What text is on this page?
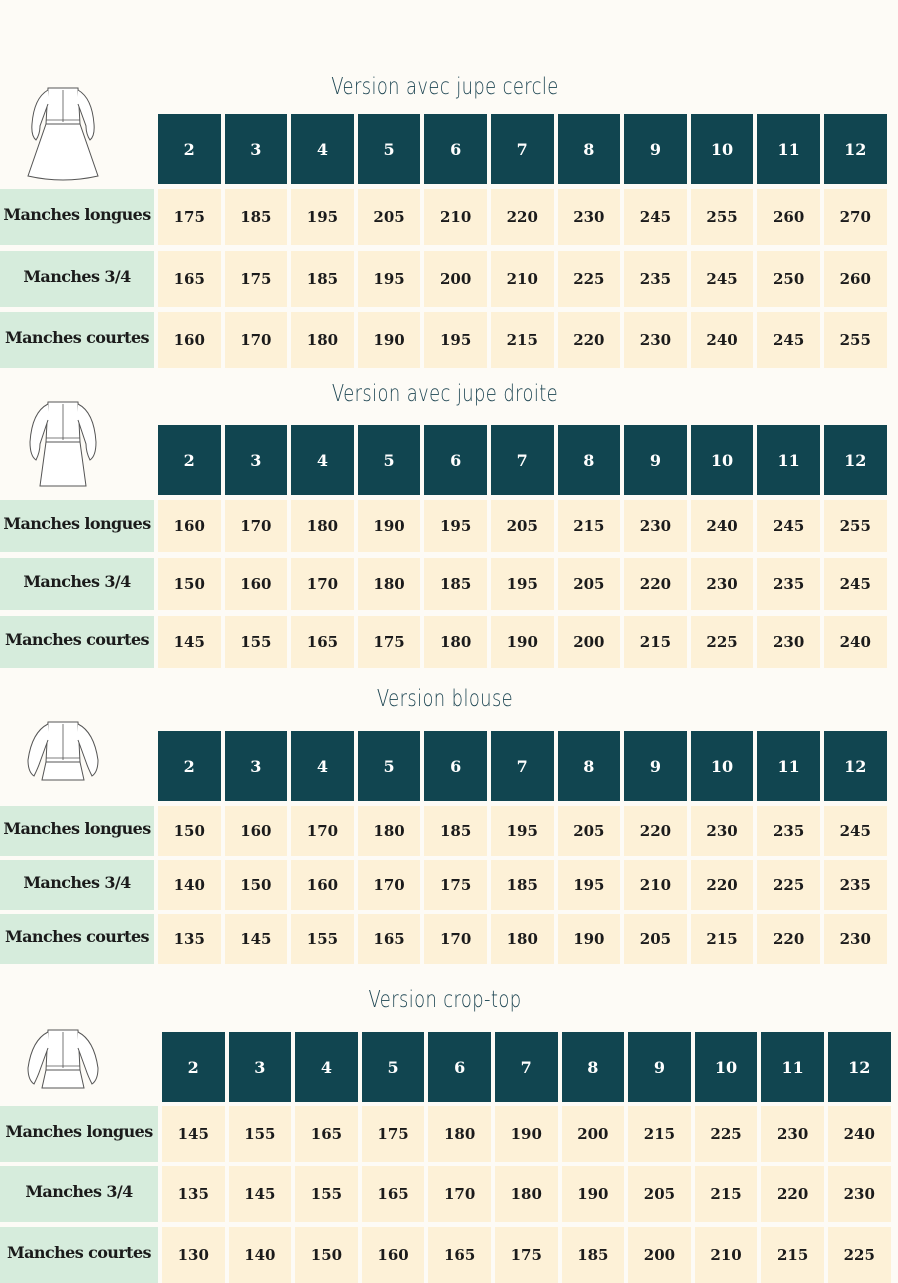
Version avec jupe cercle
2	3	4	5	6	7	8	9	10	11	12
Manches longues	175	185	195	205	210	220	230	245	255	260	270
Manches 3/4	165	175	185	195	200	210	225	235	245	250	260
Manches courtes	160	170	180	190	195	215	220	230	240	245	255
Version avec jupe droite
2	3	4	5	6	7	8	9	10	11	12
Manches longues	160	170	180	190	195	205	215	230	240	245	255
Manches 3/4	150	160	170	180	185	195	205	220	230	235	245
Manches courtes	145	155	165	175	180	190	200	215	225	230	240
Version blouse
2	3	4	5	6	7	8	9	10	11	12
Manches longues	150	160	170	180	185	195	205	220	230	235	245
Manches 3/4	140	150	160	170	175	185	195	210	220	225	235
Manches courtes	135	145	155	165	170	180	190	205	215	220	230
Version crop-top
2	3	4	5	6	7	8	9	10	11	12
Manches longues	145	155	165	175	180	190	200	215	225	230	240
Manches 3/4	135	145	155	165	170	180	190	205	215	220	230
Manches courtes	130	140	150	160	165	175	185	200	210	215	225
